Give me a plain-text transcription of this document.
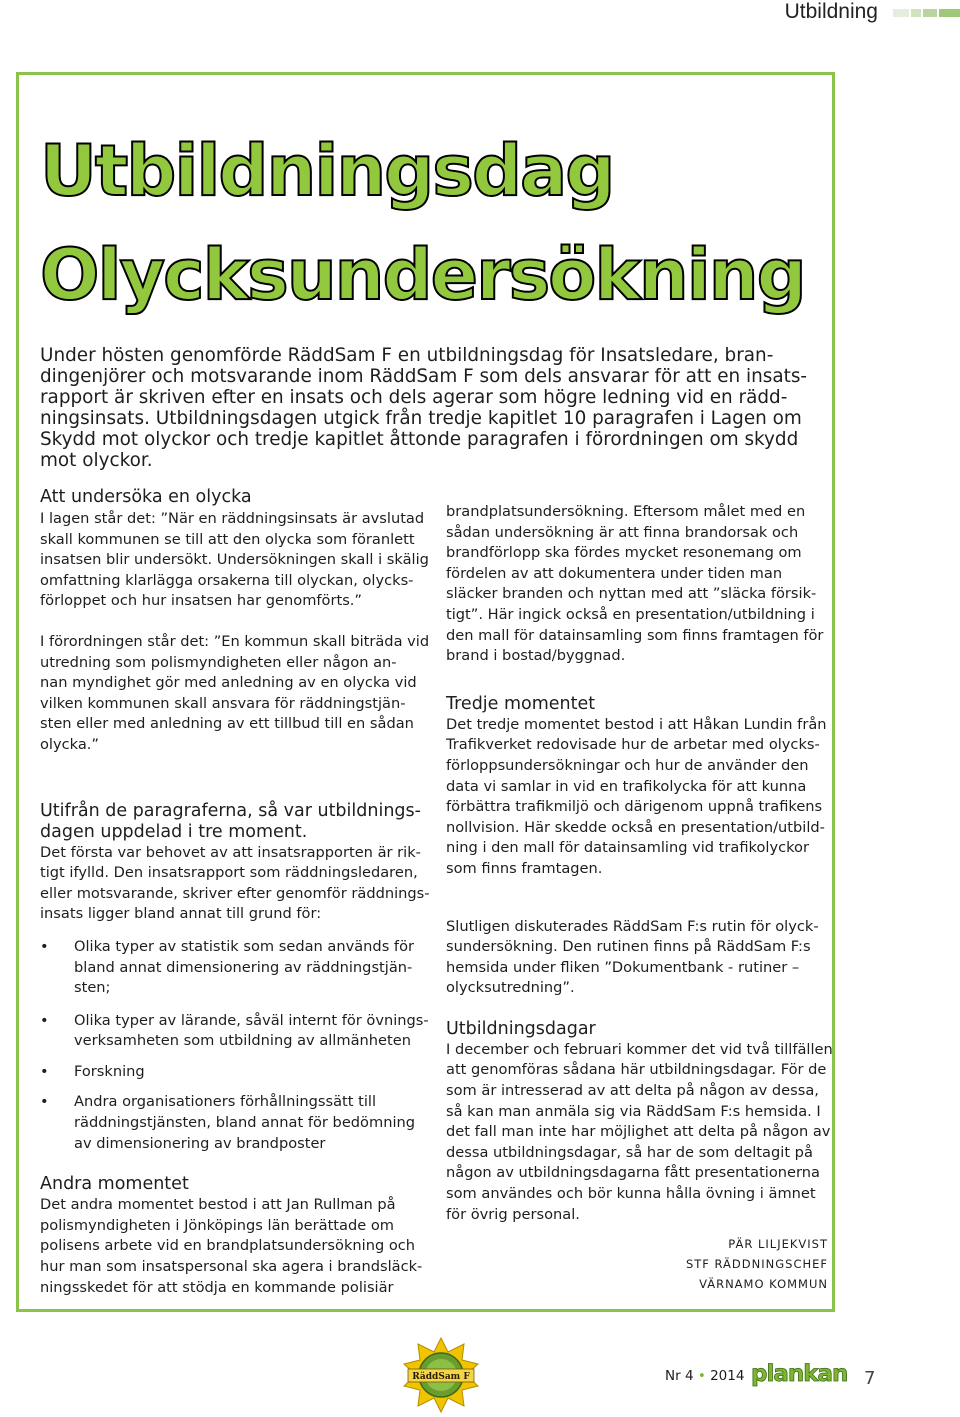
Utbildning
Utbildningsdag
Olycksundersökning

Under hösten genomförde RäddSam F en utbildningsdag för Insatsledare, bran-
dingenjörer och motsvarande inom RäddSam F som dels ansvarar för att en insats-
rapport är skriven efter en insats och dels agerar som högre ledning vid en rädd-
ningsinsats. Utbildningsdagen utgick från tredje kapitlet 10 paragrafen i Lagen om
Skydd mot olyckor och tredje kapitlet åttonde paragrafen i förordningen om skydd
mot olyckor.

Att undersöka en olycka
I lagen står det: ”När en räddningsinsats är avslutad
skall kommunen se till att den olycka som föranlett
insatsen blir undersökt. Undersökningen skall i skälig
omfattning klarlägga orsakerna till olyckan, olycks-
förloppet och hur insatsen har genomförts.”
I förordningen står det: ”En kommun skall biträda vid
utredning som polismyndigheten eller någon an-
nan myndighet gör med anledning av en olycka vid
vilken kommunen skall ansvara för räddningstjän-
sten eller med anledning av ett tillbud till en sådan
olycka.”
Utifrån de paragraferna, så var utbildnings-
dagen uppdelad i tre moment.
Det första var behovet av att insatsrapporten är rik-
tigt ifylld. Den insatsrapport som räddningsledaren,
eller motsvarande, skriver efter genomför räddnings-
insats ligger bland annat till grund för:
• Olika typer av statistik som sedan används för
bland annat dimensionering av räddningstjän-
sten;
• Olika typer av lärande, såväl internt för övnings-
verksamheten som utbildning av allmänheten
• Forskning
• Andra organisationers förhållningssätt till
räddningstjänsten, bland annat för bedömning
av dimensionering av brandposter
Andra momentet
Det andra momentet bestod i att Jan Rullman på
polismyndigheten i Jönköpings län berättade om
polisens arbete vid en brandplatsundersökning och
hur man som insatspersonal ska agera i brandsläck-
ningsskedet för att stödja en kommande polisiär
brandplatsundersökning. Eftersom målet med en
sådan undersökning är att finna brandorsak och
brandförlopp ska fördes mycket resonemang om
fördelen av att dokumentera under tiden man
släcker branden och nyttan med att ”släcka försik-
tigt”. Här ingick också en presentation/utbildning i
den mall för datainsamling som finns framtagen för
brand i bostad/byggnad.
Tredje momentet
Det tredje momentet bestod i att Håkan Lundin från
Trafikverket redovisade hur de arbetar med olycks-
förloppsundersökningar och hur de använder den
data vi samlar in vid en trafikolycka för att kunna
förbättra trafikmiljö och därigenom uppnå trafikens
nollvision. Här skedde också en presentation/utbild-
ning i den mall för datainsamling vid trafikolyckor
som finns framtagen.
Slutligen diskuterades RäddSam F:s rutin för olyck-
sundersökning. Den rutinen finns på RäddSam F:s
hemsida under fliken ”Dokumentbank - rutiner –
olycksutredning”.
Utbildningsdagar
I december och februari kommer det vid två tillfällen
att genomföras sådana här utbildningsdagar. För de
som är intresserad av att delta på någon av dessa,
så kan man anmäla sig via RäddSam F:s hemsida. I
det fall man inte har möjlighet att delta på någon av
dessa utbildningsdagar, så har de som deltagit på
någon av utbildningsdagarna fått presentationerna
som användes och bör kunna hålla övning i ämnet
för övrig personal.
PÄR LILJEKVIST
STF RÄDDNINGSCHEF
VÄRNAMO KOMMUN
RäddSam F	Nr 4 • 2014 plankan 7
